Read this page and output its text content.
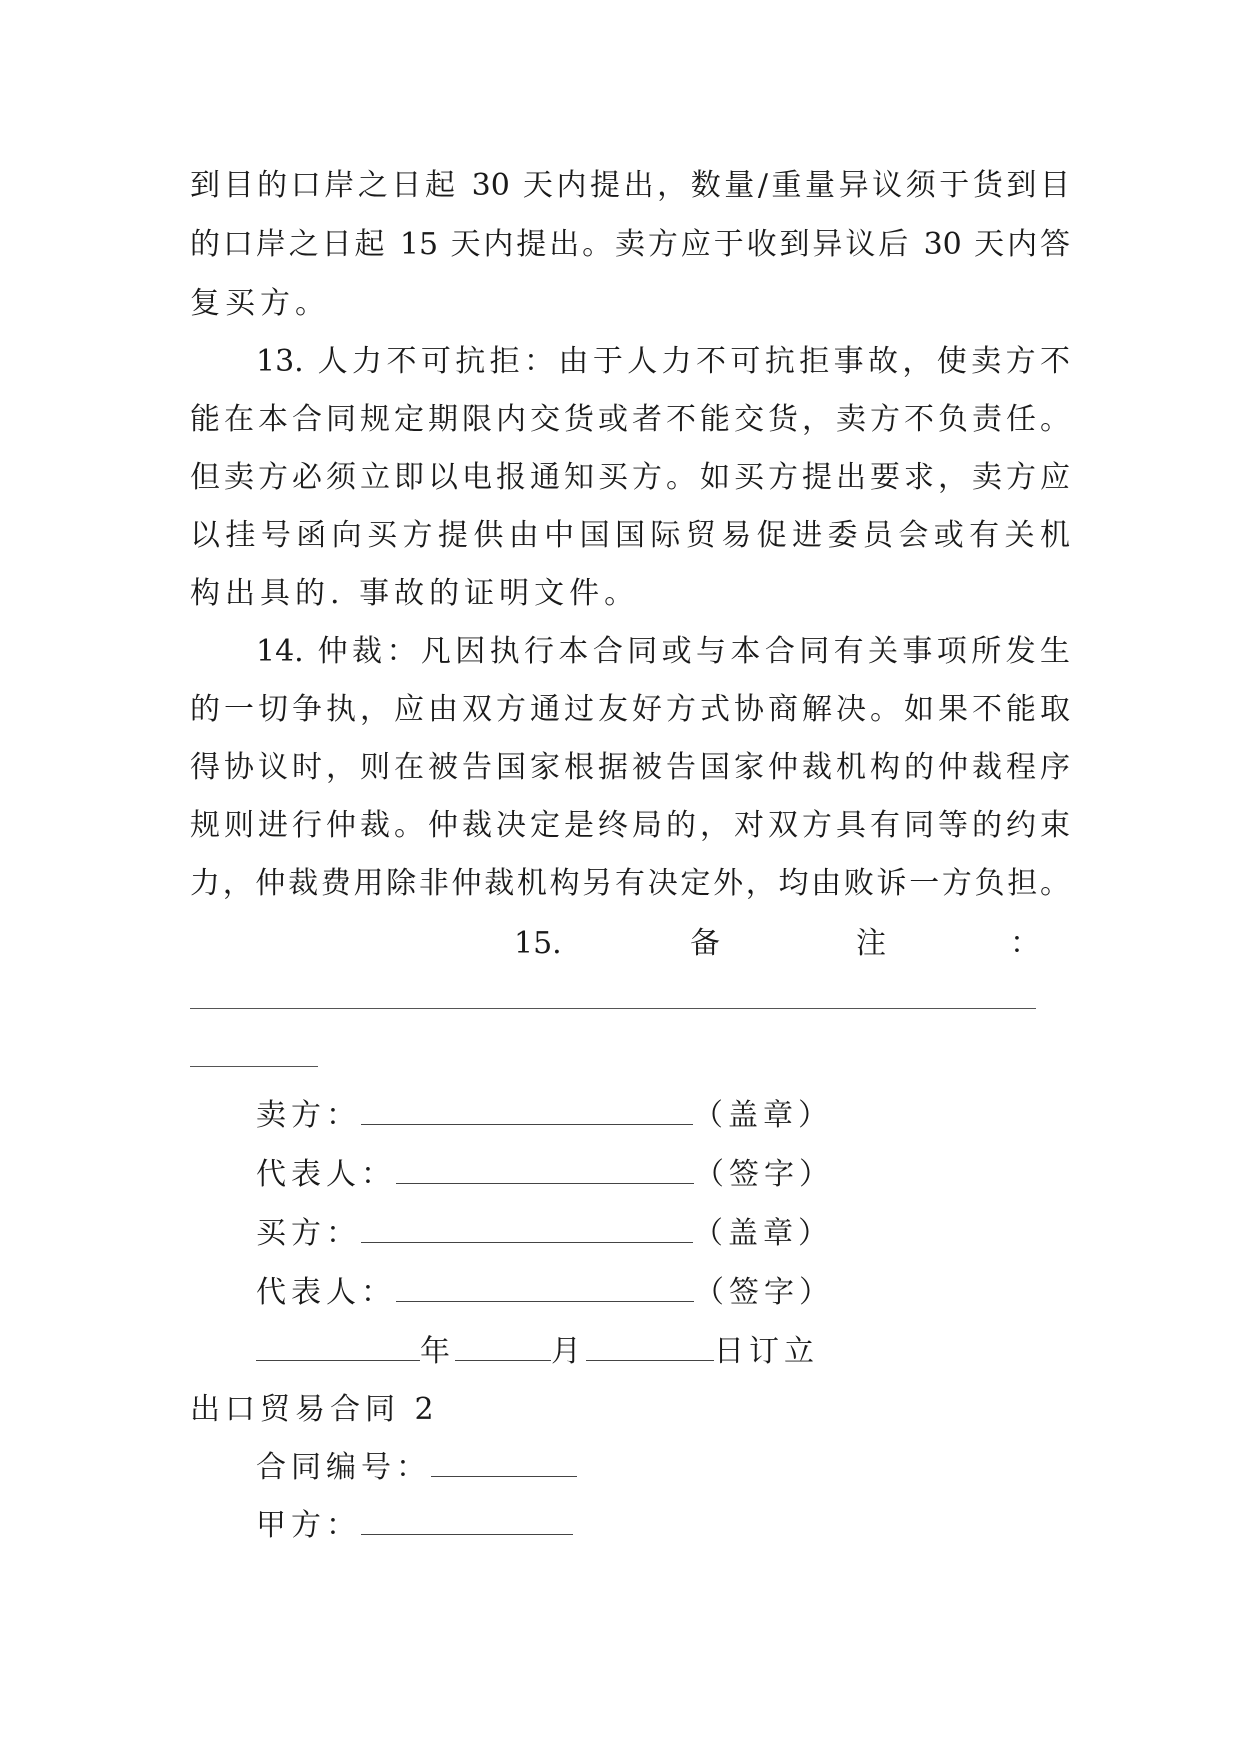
到目的口岸之日起 30 天内提出，数量/重量异议须于货到目
的口岸之日起 15 天内提出。卖方应于收到异议后 30 天内答
复买方。
13. 人力不可抗拒：由于人力不可抗拒事故，使卖方不
能在本合同规定期限内交货或者不能交货，卖方不负责任。
但卖方必须立即以电报通知买方。如买方提出要求，卖方应
以挂号函向买方提供由中国国际贸易促进委员会或有关机
构出具的. 事故的证明文件。
14. 仲裁：凡因执行本合同或与本合同有关事项所发生
的一切争执，应由双方通过友好方式协商解决。如果不能取
得协议时，则在被告国家根据被告国家仲裁机构的仲裁程序
规则进行仲裁。仲裁决定是终局的，对双方具有同等的约束
力，仲裁费用除非仲裁机构另有决定外，均由败诉一方负担。
15.	备	注	：
卖方：	（盖章）
代表人：	（签字）
买方：	（盖章）
代表人：	（签字）
年	月	日订立
出口贸易合同 2
合同编号：
甲方：
